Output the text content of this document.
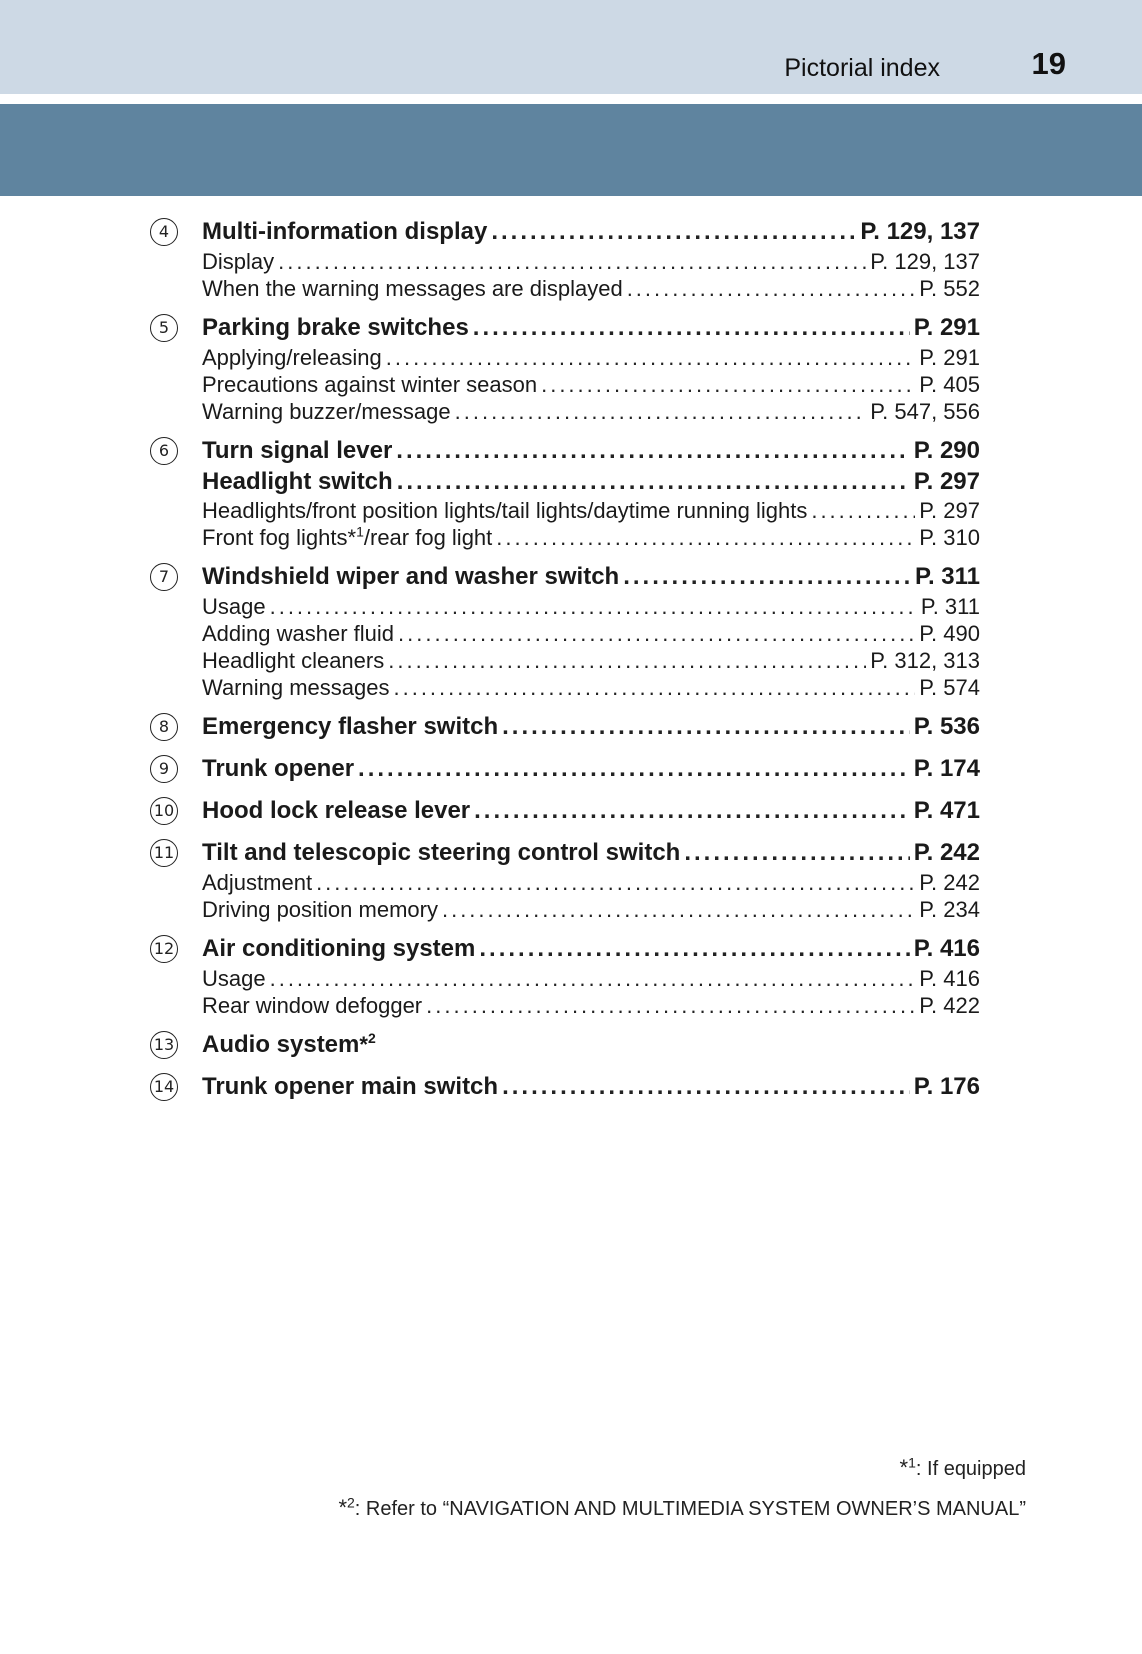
Pictorial index	19
4	Multi-information display .....	P. 129, 137
Display .....	P. 129, 137
When the warning messages are displayed .....	P. 552
5	Parking brake switches .....	P. 291
Applying/releasing .....	P. 291
Precautions against winter season .....	P. 405
Warning buzzer/message .....	P. 547, 556
6	Turn signal lever .....	P. 290
Headlight switch .....	P. 297
Headlights/front position lights/tail lights/daytime running lights .....	P. 297
Front fog lights*$^1$/rear fog light .....	P. 310
7	Windshield wiper and washer switch .....	P. 311
Usage .....	P. 311
Adding washer fluid .....	P. 490
Headlight cleaners .....	P. 312, 313
Warning messages .....	P. 574
8	Emergency flasher switch .....	P. 536
9	Trunk opener .....	P. 174
10 Hood lock release lever .....	P. 471
11 Tilt and telescopic steering control switch .....	P. 242
Adjustment .....	P. 242
Driving position memory .....	P. 234
12 Air conditioning system .....	P. 416
Usage .....	P. 416
Rear window defogger .....	P. 422
13 Audio system*$^2$
14 Trunk opener main switch .....	P. 176
*$^1$: If equipped
*$^2$: Refer to “NAVIGATION AND MULTIMEDIA SYSTEM OWNER’S MANUAL”
